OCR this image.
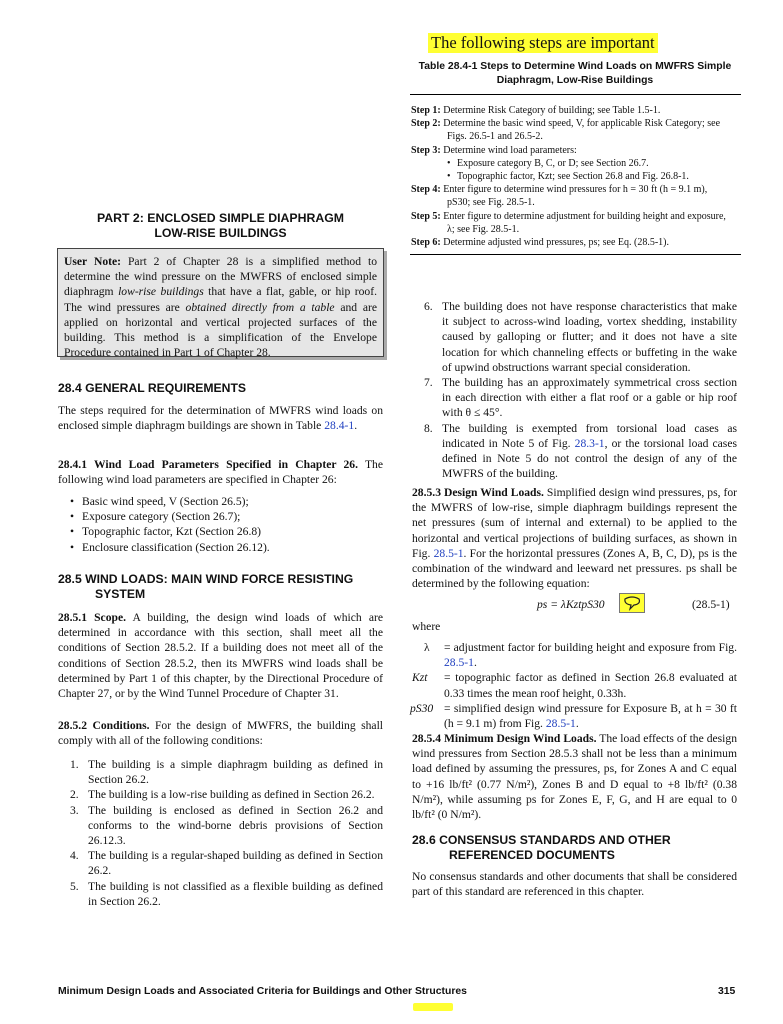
The following steps are important
Table 28.4-1 Steps to Determine Wind Loads on MWFRS Simple
Diaphragm, Low-Rise Buildings
Step 1: Determine Risk Category of building; see Table 1.5-1.
Step 2: Determine the basic wind speed, V, for applicable Risk Category; see
Figs. 26.5-1 and 26.5-2.
Step 3: Determine wind load parameters:
• Exposure category B, C, or D; see Section 26.7.
• Topographic factor, Kzt; see Section 26.8 and Fig. 26.8-1.
Step 4: Enter figure to determine wind pressures for h = 30 ft (h = 9.1 m),
pS30; see Fig. 28.5-1.
Step 5: Enter figure to determine adjustment for building height and exposure,
λ; see Fig. 28.5-1.
Step 6: Determine adjusted wind pressures, ps; see Eq. (28.5-1).
PART 2: ENCLOSED SIMPLE DIAPHRAGM
LOW-RISE BUILDINGS
User Note: Part 2 of Chapter 28 is a simplified method to determine the wind pressure on the MWFRS of enclosed simple diaphragm low-rise buildings that have a flat, gable, or hip roof. The wind pressures are obtained directly from a table and are applied on horizontal and vertical projected surfaces of the building. This method is a simplification of the Envelope Procedure contained in Part 1 of Chapter 28.
28.4 GENERAL REQUIREMENTS

The steps required for the determination of MWFRS wind loads on enclosed simple diaphragm buildings are shown in Table 28.4-1.

28.4.1 Wind Load Parameters Specified in Chapter 26. The following wind load parameters are specified in Chapter 26:

• Basic wind speed, V (Section 26.5);
• Exposure category (Section 26.7);
• Topographic factor, Kzt (Section 26.8)
• Enclosure classification (Section 26.12).
28.5 WIND LOADS: MAIN WIND FORCE RESISTING
SYSTEM

28.5.1 Scope. A building, the design wind loads of which are determined in accordance with this section, shall meet all the conditions of Section 28.5.2. If a building does not meet all of the conditions of Section 28.5.2, then its MWFRS wind loads shall be determined by Part 1 of this chapter, by the Directional Procedure of Chapter 27, or by the Wind Tunnel Procedure of Chapter 31.

28.5.2 Conditions. For the design of MWFRS, the building shall comply with all of the following conditions:

1. The building is a simple diaphragm building as defined in Section 26.2.
2. The building is a low-rise building as defined in Section 26.2.
3. The building is enclosed as defined in Section 26.2 and conforms to the wind-borne debris provisions of Section 26.12.3.
4. The building is a regular-shaped building as defined in Section 26.2.
5. The building is not classified as a flexible building as defined in Section 26.2.
6. The building does not have response characteristics that make it subject to across-wind loading, vortex shedding, instability caused by galloping or flutter; and it does not have a site location for which channeling effects or buffeting in the wake of upwind obstructions warrant special consideration.
7. The building has an approximately symmetrical cross section in each direction with either a flat roof or a gable or hip roof with θ ≤ 45°.
8. The building is exempted from torsional load cases as indicated in Note 5 of Fig. 28.3-1, or the torsional load cases defined in Note 5 do not control the design of any of the MWFRS of the building.

28.5.3 Design Wind Loads. Simplified design wind pressures, ps, for the MWFRS of low-rise, simple diaphragm buildings represent the net pressures (sum of internal and external) to be applied to the horizontal and vertical projections of building surfaces, as shown in Fig. 28.5-1. For the horizontal pressures (Zones A, B, C, D), ps is the combination of the windward and leeward net pressures. ps shall be determined by the following equation:

ps = λKztpS30	(28.5-1)
where
λ = adjustment factor for building height and exposure from Fig. 28.5-1.
Kzt = topographic factor as defined in Section 26.8 evaluated at 0.33 times the mean roof height, 0.33h.
pS30 = simplified design wind pressure for Exposure B, at h = 30 ft (h = 9.1 m) from Fig. 28.5-1.

28.5.4 Minimum Design Wind Loads. The load effects of the design wind pressures from Section 28.5.3 shall not be less than a minimum load defined by assuming the pressures, ps, for Zones A and C equal to +16 lb/ft² (0.77 N/m²), Zones B and D equal to +8 lb/ft² (0.38 N/m²), while assuming ps for Zones E, F, G, and H are equal to 0 lb/ft² (0 N/m²).

28.6 CONSENSUS STANDARDS AND OTHER
REFERENCED DOCUMENTS

No consensus standards and other documents that shall be considered part of this standard are referenced in this chapter.

Minimum Design Loads and Associated Criteria for Buildings and Other Structures	315
